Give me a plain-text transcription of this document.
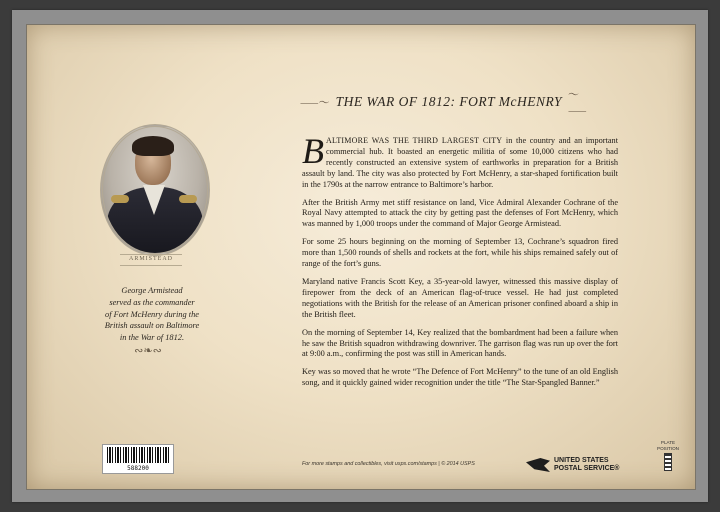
⸺〜 THE WAR OF 1812: FORT McHENRY 〜⸺
ARMISTEAD
George Armistead
served as the commander
of Fort McHenry during the
British assault on Baltimore
in the War of 1812.
∾❧∾

BALTIMORE WAS THE THIRD LARGEST CITY in the country and an important commercial hub. It boasted an energetic militia of some 10,000 citizens who had recently constructed an extensive system of earthworks in preparation for a British assault by land. The city was also protected by Fort McHenry, a star-shaped fortification built in the 1790s at the narrow entrance to Baltimore’s harbor.

After the British Army met stiff resistance on land, Vice Admiral Alexander Cochrane of the Royal Navy attempted to attack the city by getting past the defenses of Fort McHenry, which was manned by 1,000 troops under the command of Major George Armistead.

For some 25 hours beginning on the morning of September 13, Cochrane’s squadron fired more than 1,500 rounds of shells and rockets at the fort, while his ships remained safely out of range of the fort’s guns.

Maryland native Francis Scott Key, a 35-year-old lawyer, witnessed this massive display of firepower from the deck of an American flag-of-truce vessel. He had just completed negotiations with the British for the release of an American prisoner confined aboard a ship in the British fleet.

On the morning of September 14, Key realized that the bombardment had been a failure when he saw the British squadron withdrawing downriver. The garrison flag was run up over the fort at 9:00 a.m., confirming the post was still in American hands.

Key was so moved that he wrote “The Defence of Fort McHenry” to the tune of an old English song, and it quickly gained wider recognition under the title “The Star-Spangled Banner.”

588200
For more stamps and collectibles, visit usps.com/stamps | © 2014 USPS	UNITED STATES
POSTAL SERVICE®
PLATE
POSITION
